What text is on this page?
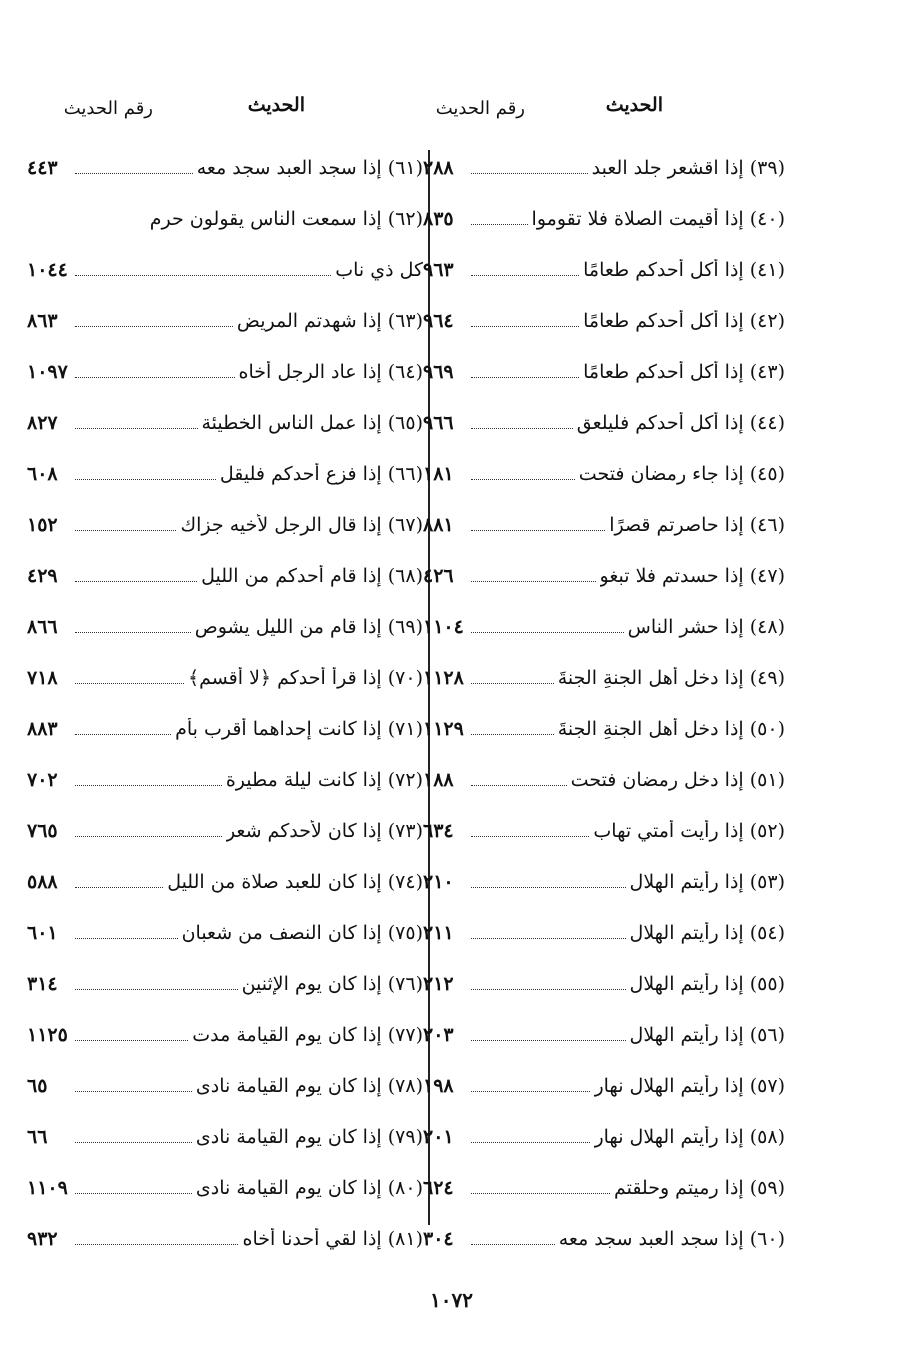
الحديث
رقم الحديث
الحديث
رقم الحديث
(٣٩) إذا اقشعر جلد العبد
٢٨٨
(٤٠) إذا أقيمت الصلاة فلا تقوموا
٨٣٥
(٤١) إذا أكل أحدكم طعامًا
٩٦٣
(٤٢) إذا أكل أحدكم طعامًا
٩٦٤
(٤٣) إذا أكل أحدكم طعامًا
٩٦٩
(٤٤) إذا أكل أحدكم فليلعق
٩٦٦
(٤٥) إذا جاء رمضان فتحت
١٨١
(٤٦) إذا حاصرتم قصرًا
٨٨١
(٤٧) إذا حسدتم فلا تبغو
٤٢٦
(٤٨) إذا حشر الناس
١١٠٤
(٤٩) إذا دخل أهل الجنةِ الجنةَ
١١٢٨
(٥٠) إذا دخل أهل الجنةِ الجنةَ
١١٢٩
(٥١) إذا دخل رمضان فتحت
١٨٨
(٥٢) إذا رأيت أمتي تهاب
٦٣٤
(٥٣) إذا رأيتم الهلال
٢١٠
(٥٤) إذا رأيتم الهلال
٢١١
(٥٥) إذا رأيتم الهلال
٢١٢
(٥٦) إذا رأيتم الهلال
٢٠٣
(٥٧) إذا رأيتم الهلال نهار
١٩٨
(٥٨) إذا رأيتم الهلال نهار
٢٠١
(٥٩) إذا رميتم وحلقتم
٦٢٤
(٦٠) إذا سجد العبد سجد معه
٣٠٤
(٦١) إذا سجد العبد سجد معه
٤٤٣
(٦٢) إذا سمعت الناس يقولون حرم
كل ذي ناب
١٠٤٤
(٦٣) إذا شهدتم المريض
٨٦٣
(٦٤) إذا عاد الرجل أخاه
١٠٩٧
(٦٥) إذا عمل الناس الخطيئة
٨٢٧
(٦٦) إذا فزع أحدكم فليقل
٦٠٨
(٦٧) إذا قال الرجل لأخيه جزاك
١٥٢
(٦٨) إذا قام أحدكم من الليل
٤٢٩
(٦٩) إذا قام من الليل يشوص
٨٦٦
(٧٠) إذا قرأ أحدكم ﴿لا أقسم﴾
٧١٨
(٧١) إذا كانت إحداهما أقرب بأم
٨٨٣
(٧٢) إذا كانت ليلة مطيرة
٧٠٢
(٧٣) إذا كان لأحدكم شعر
٧٦٥
(٧٤) إذا كان للعبد صلاة من الليل
٥٨٨
(٧٥) إذا كان النصف من شعبان
٦٠١
(٧٦) إذا كان يوم الإثنين
٣١٤
(٧٧) إذا كان يوم القيامة مدت
١١٢٥
(٧٨) إذا كان يوم القيامة نادى
٦٥
(٧٩) إذا كان يوم القيامة نادى
٦٦
(٨٠) إذا كان يوم القيامة نادى
١١٠٩
(٨١) إذا لقي أحدنا أخاه
٩٣٢
١٠٧٢
